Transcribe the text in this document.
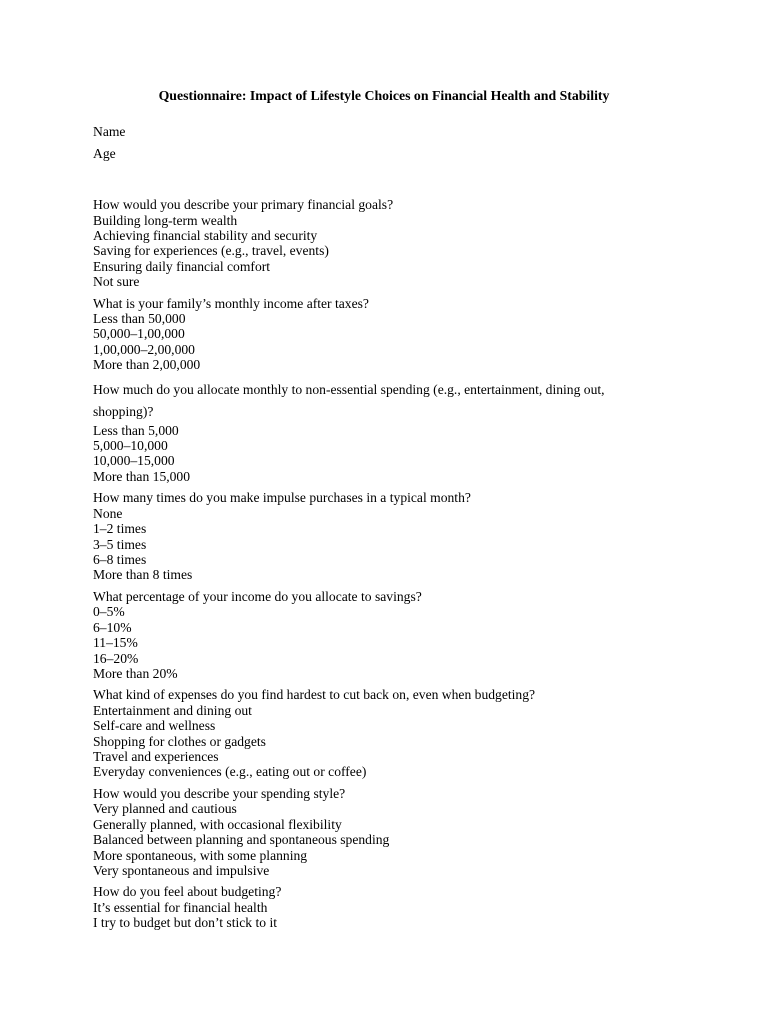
Questionnaire: Impact of Lifestyle Choices on Financial Health and Stability
Name
Age
How would you describe your primary financial goals?
Building long-term wealth
Achieving financial stability and security
Saving for experiences (e.g., travel, events)
Ensuring daily financial comfort
Not sure
What is your family’s monthly income after taxes?
Less than 50,000
50,000–1,00,000
1,00,000–2,00,000
More than 2,00,000
How much do you allocate monthly to non-essential spending (e.g., entertainment, dining out, shopping)?
Less than 5,000
5,000–10,000
10,000–15,000
More than 15,000
How many times do you make impulse purchases in a typical month?
None
1–2 times
3–5 times
6–8 times
More than 8 times
What percentage of your income do you allocate to savings?
0–5%
6–10%
11–15%
16–20%
More than 20%
What kind of expenses do you find hardest to cut back on, even when budgeting?
Entertainment and dining out
Self-care and wellness
Shopping for clothes or gadgets
Travel and experiences
Everyday conveniences (e.g., eating out or coffee)
How would you describe your spending style?
Very planned and cautious
Generally planned, with occasional flexibility
Balanced between planning and spontaneous spending
More spontaneous, with some planning
Very spontaneous and impulsive
How do you feel about budgeting?
It’s essential for financial health
I try to budget but don’t stick to it
